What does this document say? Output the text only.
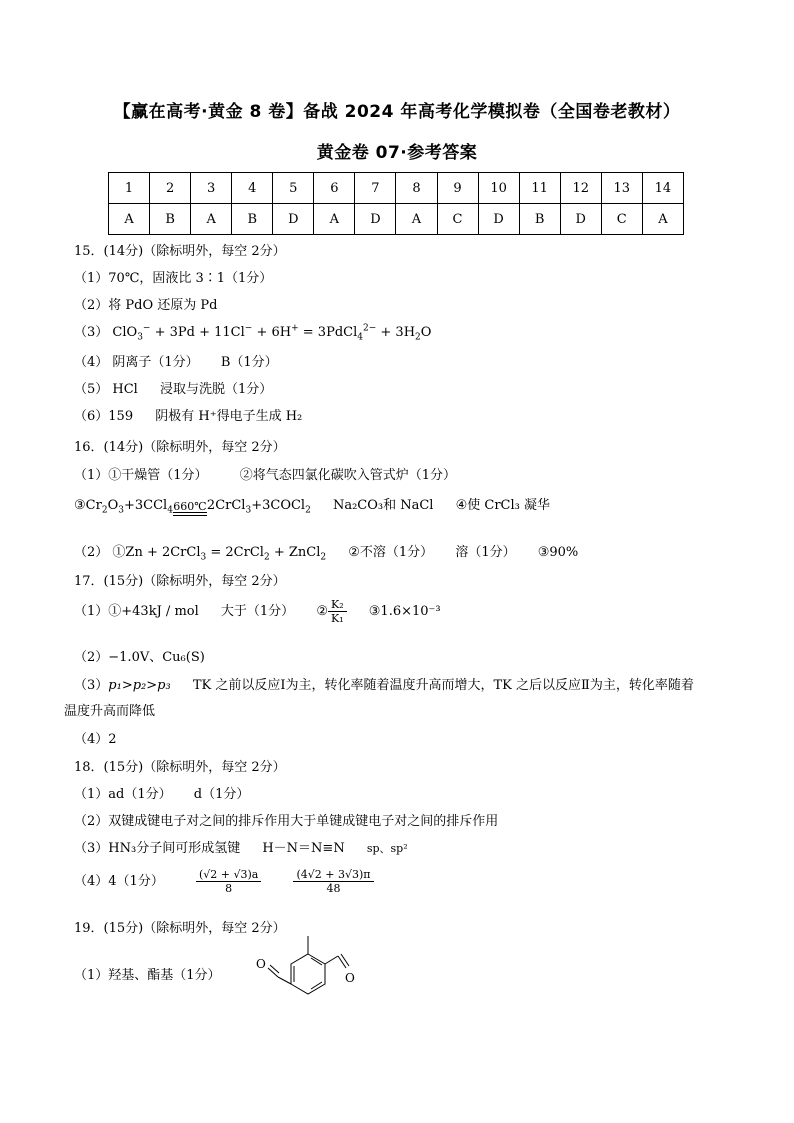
【赢在高考·黄金 8 卷】备战 2024 年高考化学模拟卷（全国卷老教材）
黄金卷 07·参考答案
1	2	3	4	5	6	7	8	9	10	11	12	13	14
A	B	A	B	D	A	D	A	C	D	B	D	C	A
15．(14分)（除标明外，每空 2分）
（1）70℃，固液比 3∶1（1分）
（2）将 PdO 还原为 Pd
（3） ClO$_3$− + 3Pd + 11Cl− + 6H+ = 3PdCl$_4^{2-}$ + $3H_2O$
（4） 阴离子（1分） B（1分）
（5） HCl 浸取与洗脱（1分）
（6）159 阴极有 H⁺得电子生成 H₂
16．(14分)（除标明外，每空 2分）
（1）①干燥管（1分） ②将气态四氯化碳吹入管式炉（1分）
$③Cr_2O_3+3CCl_4$ 660℃ 2CrCl$_3$+3COCl$_2$ Na₂CO₃和 NaCl ④使 CrCl₃ 凝华
（2） ①Zn + 2CrCl$_3$ = 2CrCl$_2$ + ZnCl$_2$ ②不溶（1分） 溶（1分） ③90%
17．(15分)（除标明外，每空 2分）
（1）①+43kJ / mol 大于（1分） ② $\frac{\text{K₂}}{\text{K₁}}$ ③1.6×10⁻³
（2）−1.0V、Cu₆(S)
（3）p₁>p₂>p₃ TK 之前以反应Ⅰ为主，转化率随着温度升高而增大，TK 之后以反应Ⅱ为主，转化率随着
温度升高而降低
（4）2
18．(15分)（除标明外，每空 2分）
（1）ad（1分） d（1分）
（2）双键成键电子对之间的排斥作用大于单键成键电子对之间的排斥作用
（3）HN₃分子间可形成氢键 H－N＝N≡N sp、sp²
（4）4（1分）	$\frac{(√2 + √3)a}{8}$
	$\frac{(4√2 + 3√3)\pi}{48}$
19．(15分)（除标明外，每空 2分）
（1）羟基、酯基（1分）
O
O
